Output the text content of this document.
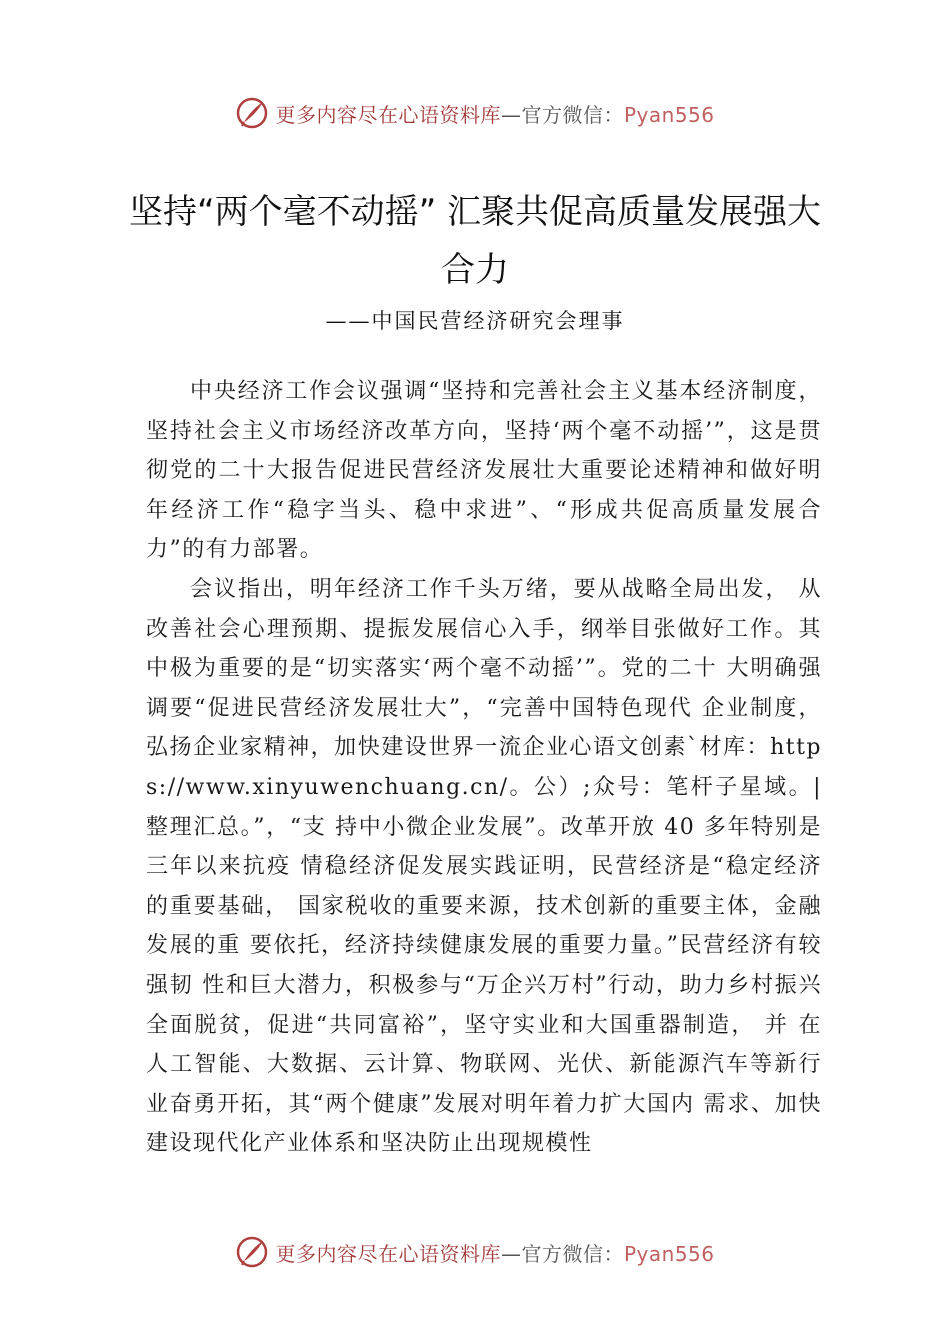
更多内容尽在心语资料库—官方微信：Pyan556
坚持“两个毫不动摇” 汇聚共促高质量发展强大合力
——中国民营经济研究会理事

中央经济工作会议强调“坚持和完善社会主义基本经济制度，坚持社会主义市场经济改革方向，坚持‘两个毫不动摇’”，这是贯彻党的二十大报告促进民营经济发展壮大重要论述精神和做好明年经济工作“稳字当头、稳中求进”、“形成共促高质量发展合力”的有力部署。

会议指出，明年经济工作千头万绪，要从战略全局出发， 从改善社会心理预期、提振发展信心入手，纲举目张做好工作。其中极为重要的是“切实落实‘两个毫不动摇’”。党的二十 大明确强调要“促进民营经济发展壮大”，“完善中国特色现代 企业制度，弘扬企业家精神，加快建设世界一流企业心语文创素`材库：https://www.xinyuwenchuang.cn/。公）;众号：笔杆子星域。|整理汇总。”，“支 持中小微企业发展”。改革开放 40 多年特别是三年以来抗疫 情稳经济促发展实践证明，民营经济是“稳定经济的重要基础， 国家税收的重要来源，技术创新的重要主体，金融发展的重 要依托，经济持续健康发展的重要力量。”民营经济有较强韧 性和巨大潜力，积极参与“万企兴万村”行动，助力乡村振兴全面脱贫，促进“共同富裕”，坚守实业和大国重器制造， 并 在人工智能、大数据、云计算、物联网、光伏、新能源汽车等新行业奋勇开拓，其“两个健康”发展对明年着力扩大国内 需求、加快建设现代化产业体系和坚决防止出现规模性

更多内容尽在心语资料库—官方微信：Pyan556
